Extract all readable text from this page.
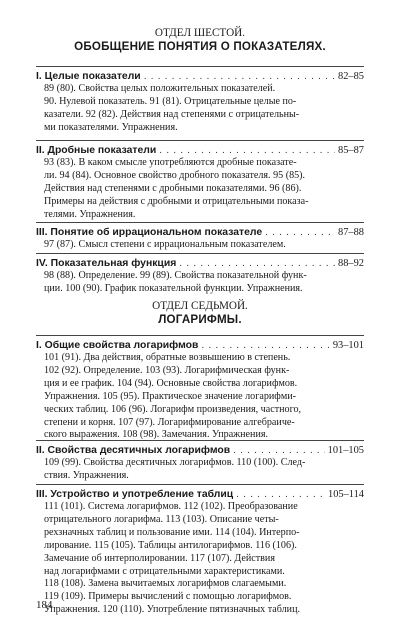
ОТДЕЛ ШЕСТОЙ.
ОБОБЩЕНИЕ ПОНЯТИЯ О ПОКАЗАТЕЛЯХ.
I. Целые показатели . . .	82–85
89 (80). Свойства целых положительных показателей.
90. Нулевой показатель. 91 (81). Отрицательные целые по-
казатели. 92 (82). Действия над степенями с отрицательны-
ми показателями. Упражнения.
II. Дробные показатели . . .	85–87
93 (83). В каком смысле употребляются дробные показате-
ли. 94 (84). Основное свойство дробного показателя. 95 (85).
Действия над степенями с дробными показателями. 96 (86).
Примеры на действия с дробными и отрицательными показа-
телями. Упражнения.
III. Понятие об иррациональном показателе . . .	87–88
97 (87). Смысл степени с иррациональным показателем.
IV. Показательная функция . . .	88–92
98 (88). Определение. 99 (89). Свойства показательной функ-
ции. 100 (90). График показательной функции. Упражнения.
ОТДЕЛ СЕДЬМОЙ.
ЛОГАРИФМЫ.
I. Общие свойства логарифмов . . .	93–101
101 (91). Два действия, обратные возвышению в степень.
102 (92). Определение. 103 (93). Логарифмическая функ-
ция и ее график. 104 (94). Основные свойства логарифмов.
Упражнения. 105 (95). Практическое значение логарифми-
ческих таблиц. 106 (96). Логарифм произведения, частного,
степени и корня. 107 (97). Логарифмирование алгебраиче-
ского выражения. 108 (98). Замечания. Упражнения.
II. Свойства десятичных логарифмов . . .	101–105
109 (99). Свойства десятичных логарифмов. 110 (100). След-
ствия. Упражнения.
III. Устройство и употребление таблиц . . .	105–114
111 (101). Система логарифмов. 112 (102). Преобразование
отрицательного логарифма. 113 (103). Описание четы-
рехзначных таблиц и пользование ими. 114 (104). Интерпо-
лирование. 115 (105). Таблицы антилогарифмов. 116 (106).
Замечание об интерполировании. 117 (107). Действия
над логарифмами с отрицательными характеристиками.
118 (108). Замена вычитаемых логарифмов слагаемыми.
119 (109). Примеры вычислений с помощью логарифмов.
Упражнения. 120 (110). Употребление пятизначных таблиц.
184
